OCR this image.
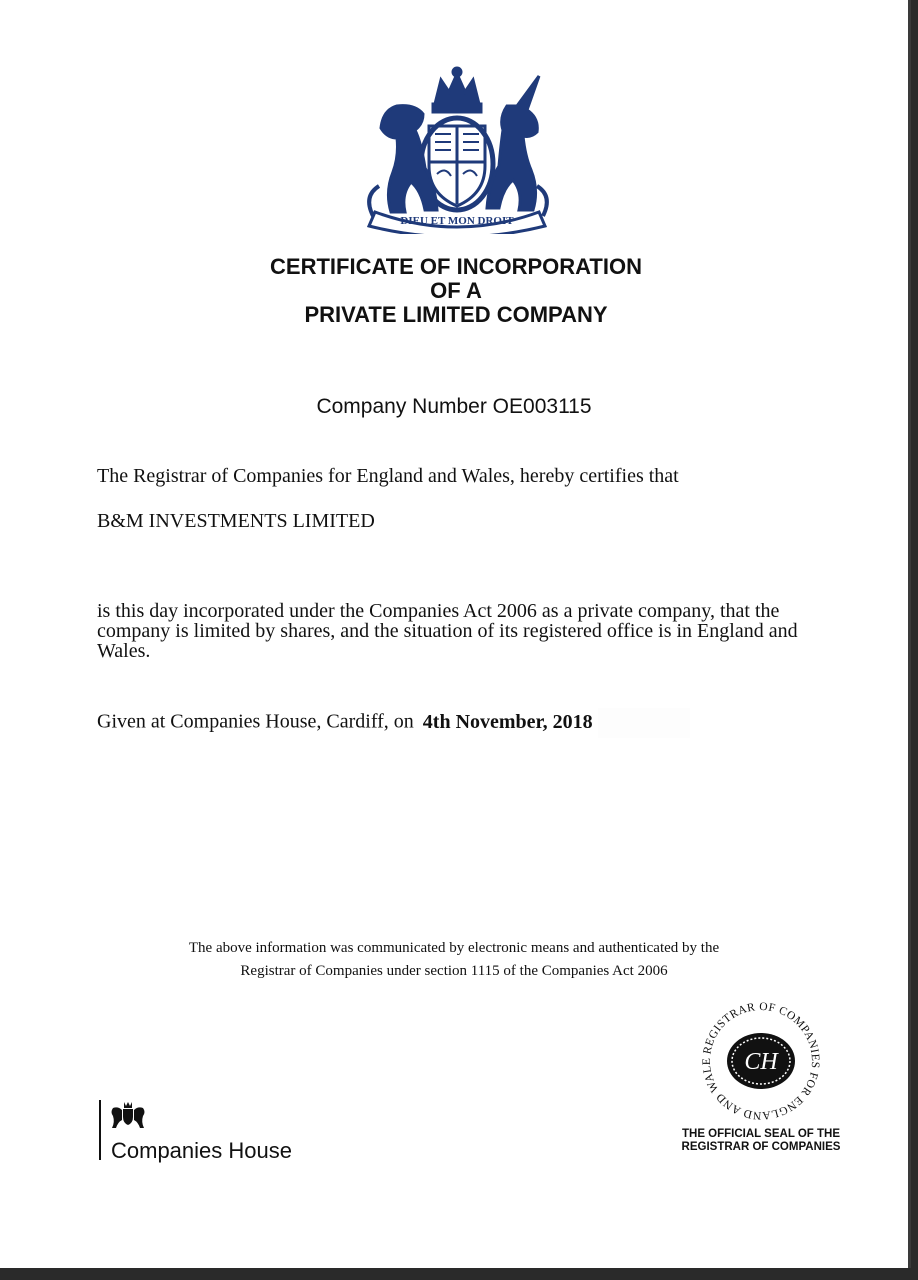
DIEU ET MON DROIT
CERTIFICATE OF INCORPORATION
OF A
PRIVATE LIMITED COMPANY
Company Number OE003115
The Registrar of Companies for England and Wales, hereby certifies that
B&M INVESTMENTS LIMITED
is this day incorporated under the Companies Act 2006 as a private company, that the company is limited by shares, and the situation of its registered office is in England and Wales.
Given at Companies House, Cardiff, on 4th November, 2018
The above information was communicated by electronic means and authenticated by the
Registrar of Companies under section 1115 of the Companies Act 2006
REGISTRAR OF COMPANIES FOR ENGLAND AND WALE	CH
THE OFFICIAL SEAL OF THE
REGISTRAR OF COMPANIES
Companies House
